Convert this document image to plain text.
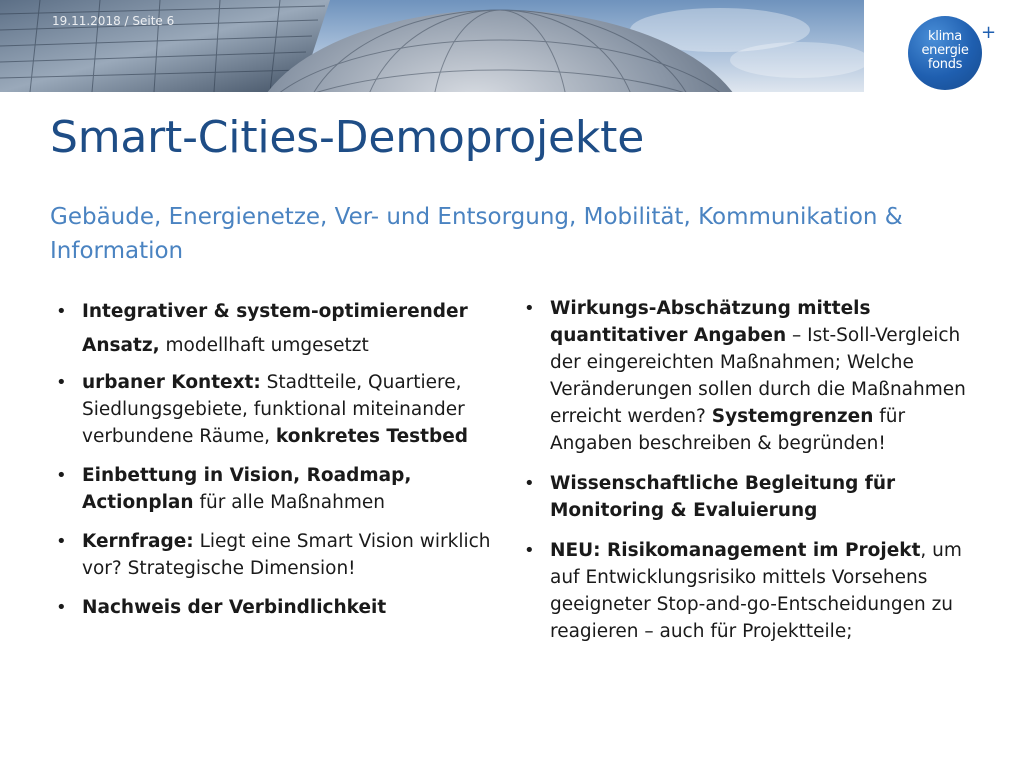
19.11.2018 / Seite 6
klima
energie
fonds
+
Smart-Cities-Demoprojekte
Gebäude, Energienetze, Ver- und Entsorgung, Mobilität, Kommunikation & Information
• Integrativer & system-optimierender Ansatz, modellhaft umgesetzt
• urbaner Kontext: Stadtteile, Quartiere, Siedlungsgebiete, funktional miteinander verbundene Räume, konkretes Testbed
• Einbettung in Vision, Roadmap, Actionplan für alle Maßnahmen
• Kernfrage: Liegt eine Smart Vision wirklich vor? Strategische Dimension!
• Nachweis der Verbindlichkeit
• Wirkungs-Abschätzung mittels quantitativer Angaben – Ist-Soll-Vergleich der eingereichten Maßnahmen; Welche Veränderungen sollen durch die Maßnahmen erreicht werden? Systemgrenzen für Angaben beschreiben & begründen!
• Wissenschaftliche Begleitung für Monitoring & Evaluierung
• NEU: Risikomanagement im Projekt, um auf Entwicklungsrisiko mittels Vorsehens geeigneter Stop-and-go-Entscheidungen zu reagieren – auch für Projektteile;
